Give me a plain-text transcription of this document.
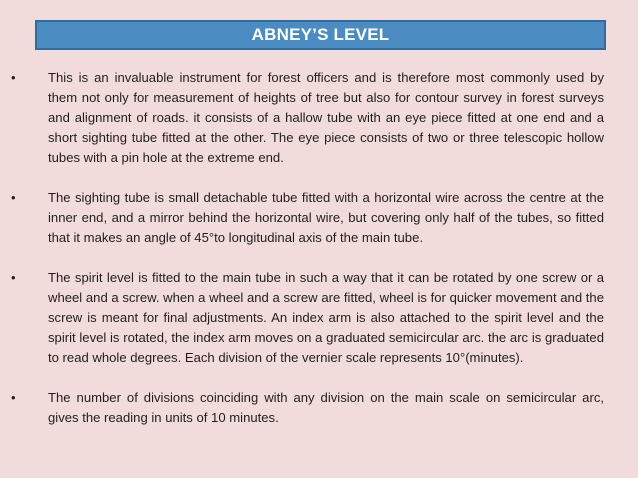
ABNEY’S LEVEL
• This is an invaluable instrument for forest officers and is therefore most commonly used by them not only for measurement of heights of tree but also for contour survey in forest surveys and alignment of roads. it consists of a hallow tube with an eye piece fitted at one end and a short sighting tube fitted at the other. The eye piece consists of two or three telescopic hollow tubes with a pin hole at the extreme end.
• The sighting tube is small detachable tube fitted with a horizontal wire across the centre at the inner end, and a mirror behind the horizontal wire, but covering only half of the tubes, so fitted that it makes an angle of 45°to longitudinal axis of the main tube.
• The spirit level is fitted to the main tube in such a way that it can be rotated by one screw or a wheel and a screw. when a wheel and a screw are fitted, wheel is for quicker movement and the screw is meant for final adjustments. An index arm is also attached to the spirit level and the spirit level is rotated, the index arm moves on a graduated semicircular arc. the arc is graduated to read whole degrees. Each division of the vernier scale represents 10°(minutes).
• The number of divisions coinciding with any division on the main scale on semicircular arc, gives the reading in units of 10 minutes.
